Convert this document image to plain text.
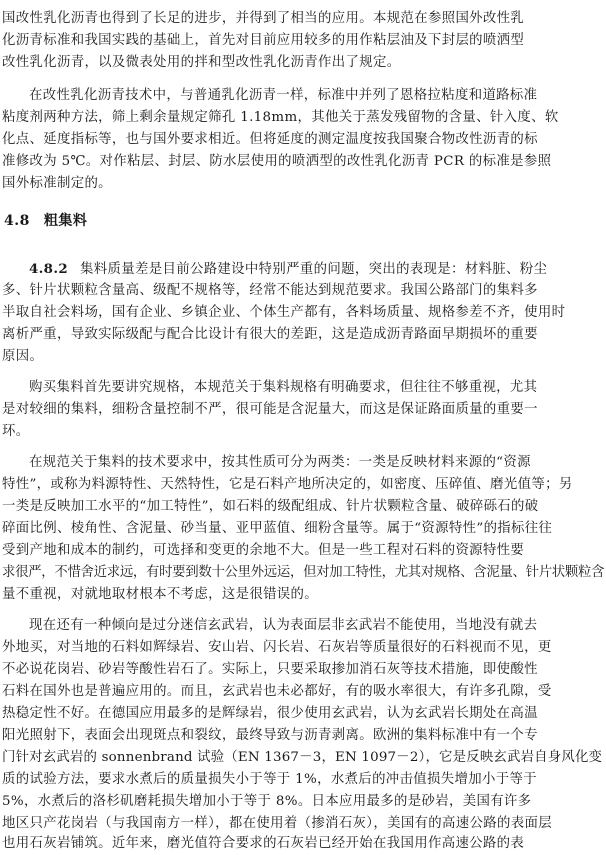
国改性乳化沥青也得到了长足的进步，并得到了相当的应用。本规范在参照国外改性乳
化沥青标准和我国实践的基础上，首先对目前应用较多的用作粘层油及下封层的喷洒型
改性乳化沥青，以及微表处用的拌和型改性乳化沥青作出了规定。
在改性乳化沥青技术中，与普通乳化沥青一样，标准中并列了恩格拉粘度和道路标准
粘度剂两种方法，筛上剩余量规定筛孔 1.18mm，其他关于蒸发残留物的含量、针入度、软
化点、延度指标等，也与国外要求相近。但将延度的测定温度按我国聚合物改性沥青的标
准修改为 5℃。对作粘层、封层、防水层使用的喷洒型的改性乳化沥青 PCR 的标准是参照
国外标准制定的。
4.8 粗集料
4.8.2 集料质量差是目前公路建设中特别严重的问题，突出的表现是：材料脏、粉尘
多、针片状颗粒含量高、级配不规格等，经常不能达到规范要求。我国公路部门的集料多
半取自社会料场，国有企业、乡镇企业、个体生产都有，各料场质量、规格参差不齐，使用时
离析严重，导致实际级配与配合比设计有很大的差距，这是造成沥青路面早期损坏的重要
原因。
购买集料首先要讲究规格，本规范关于集料规格有明确要求，但往往不够重视，尤其
是对较细的集料，细粉含量控制不严，很可能是含泥量大，而这是保证路面质量的重要一
环。
在规范关于集料的技术要求中，按其性质可分为两类：一类是反映材料来源的“资源
特性”，或称为料源特性、天然特性，它是石料产地所决定的，如密度、压碎值、磨光值等；另
一类是反映加工水平的“加工特性”，如石料的级配组成、针片状颗粒含量、破碎砾石的破
碎面比例、棱角性、含泥量、砂当量、亚甲蓝值、细粉含量等。属于“资源特性”的指标往往
受到产地和成本的制约，可选择和变更的余地不大。但是一些工程对石料的资源特性要
求很严，不惜舍近求远，有时要到数十公里外远运，但对加工特性，尤其对规格、含泥量、针片状颗粒含
量不重视，对就地取材根本不考虑，这是很错误的。
现在还有一种倾向是过分迷信玄武岩，认为表面层非玄武岩不能使用，当地没有就去
外地买，对当地的石料如辉绿岩、安山岩、闪长岩、石灰岩等质量很好的石料视而不见，更
不必说花岗岩、砂岩等酸性岩石了。实际上，只要采取掺加消石灰等技术措施，即使酸性
石料在国外也是普遍应用的。而且，玄武岩也未必都好，有的吸水率很大，有许多孔隙，受
热稳定性不好。在德国应用最多的是辉绿岩，很少使用玄武岩，认为玄武岩长期处在高温
阳光照射下，表面会出现斑点和裂纹，最终导致与沥青剥离。欧洲的集料标准中有一个专
门针对玄武岩的 sonnenbrand 试验（EN 1367－3，EN 1097－2），它是反映玄武岩自身风化变
质的试验方法，要求水煮后的质量损失小于等于 1%，水煮后的冲击值损失增加小于等于
5%，水煮后的洛杉矶磨耗损失增加小于等于 8%。日本应用最多的是砂岩，美国有许多
地区只产花岗岩（与我国南方一样），都在使用着（掺消石灰），美国有的高速公路的表面层
也用石灰岩铺筑。近年来，磨光值符合要求的石灰岩已经开始在我国用作高速公路的表
